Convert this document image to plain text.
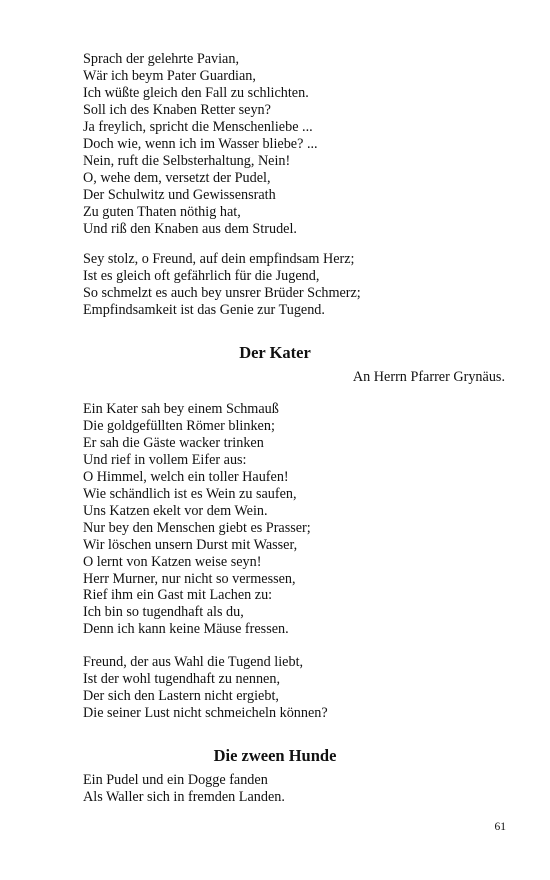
Sprach der gelehrte Pavian,
Wär ich beym Pater Guardian,
Ich wüßte gleich den Fall zu schlichten.
Soll ich des Knaben Retter seyn?
Ja freylich, spricht die Menschenliebe ...
Doch wie, wenn ich im Wasser bliebe? ...
Nein, ruft die Selbsterhaltung, Nein!
O, wehe dem, versetzt der Pudel,
Der Schulwitz und Gewissensrath
Zu guten Thaten nöthig hat,
Und riß den Knaben aus dem Strudel.
Sey stolz, o Freund, auf dein empfindsam Herz;
Ist es gleich oft gefährlich für die Jugend,
So schmelzt es auch bey unsrer Brüder Schmerz;
Empfindsamkeit ist das Genie zur Tugend.
Der Kater
An Herrn Pfarrer Grynäus.
Ein Kater sah bey einem Schmauß
Die goldgefüllten Römer blinken;
Er sah die Gäste wacker trinken
Und rief in vollem Eifer aus:
O Himmel, welch ein toller Haufen!
Wie schändlich ist es Wein zu saufen,
Uns Katzen ekelt vor dem Wein.
Nur bey den Menschen giebt es Prasser;
Wir löschen unsern Durst mit Wasser,
O lernt von Katzen weise seyn!
Herr Murner, nur nicht so vermessen,
Rief ihm ein Gast mit Lachen zu:
Ich bin so tugendhaft als du,
Denn ich kann keine Mäuse fressen.
Freund, der aus Wahl die Tugend liebt,
Ist der wohl tugendhaft zu nennen,
Der sich den Lastern nicht ergiebt,
Die seiner Lust nicht schmeicheln können?
Die zween Hunde
Ein Pudel und ein Dogge fanden
Als Waller sich in fremden Landen.
61
